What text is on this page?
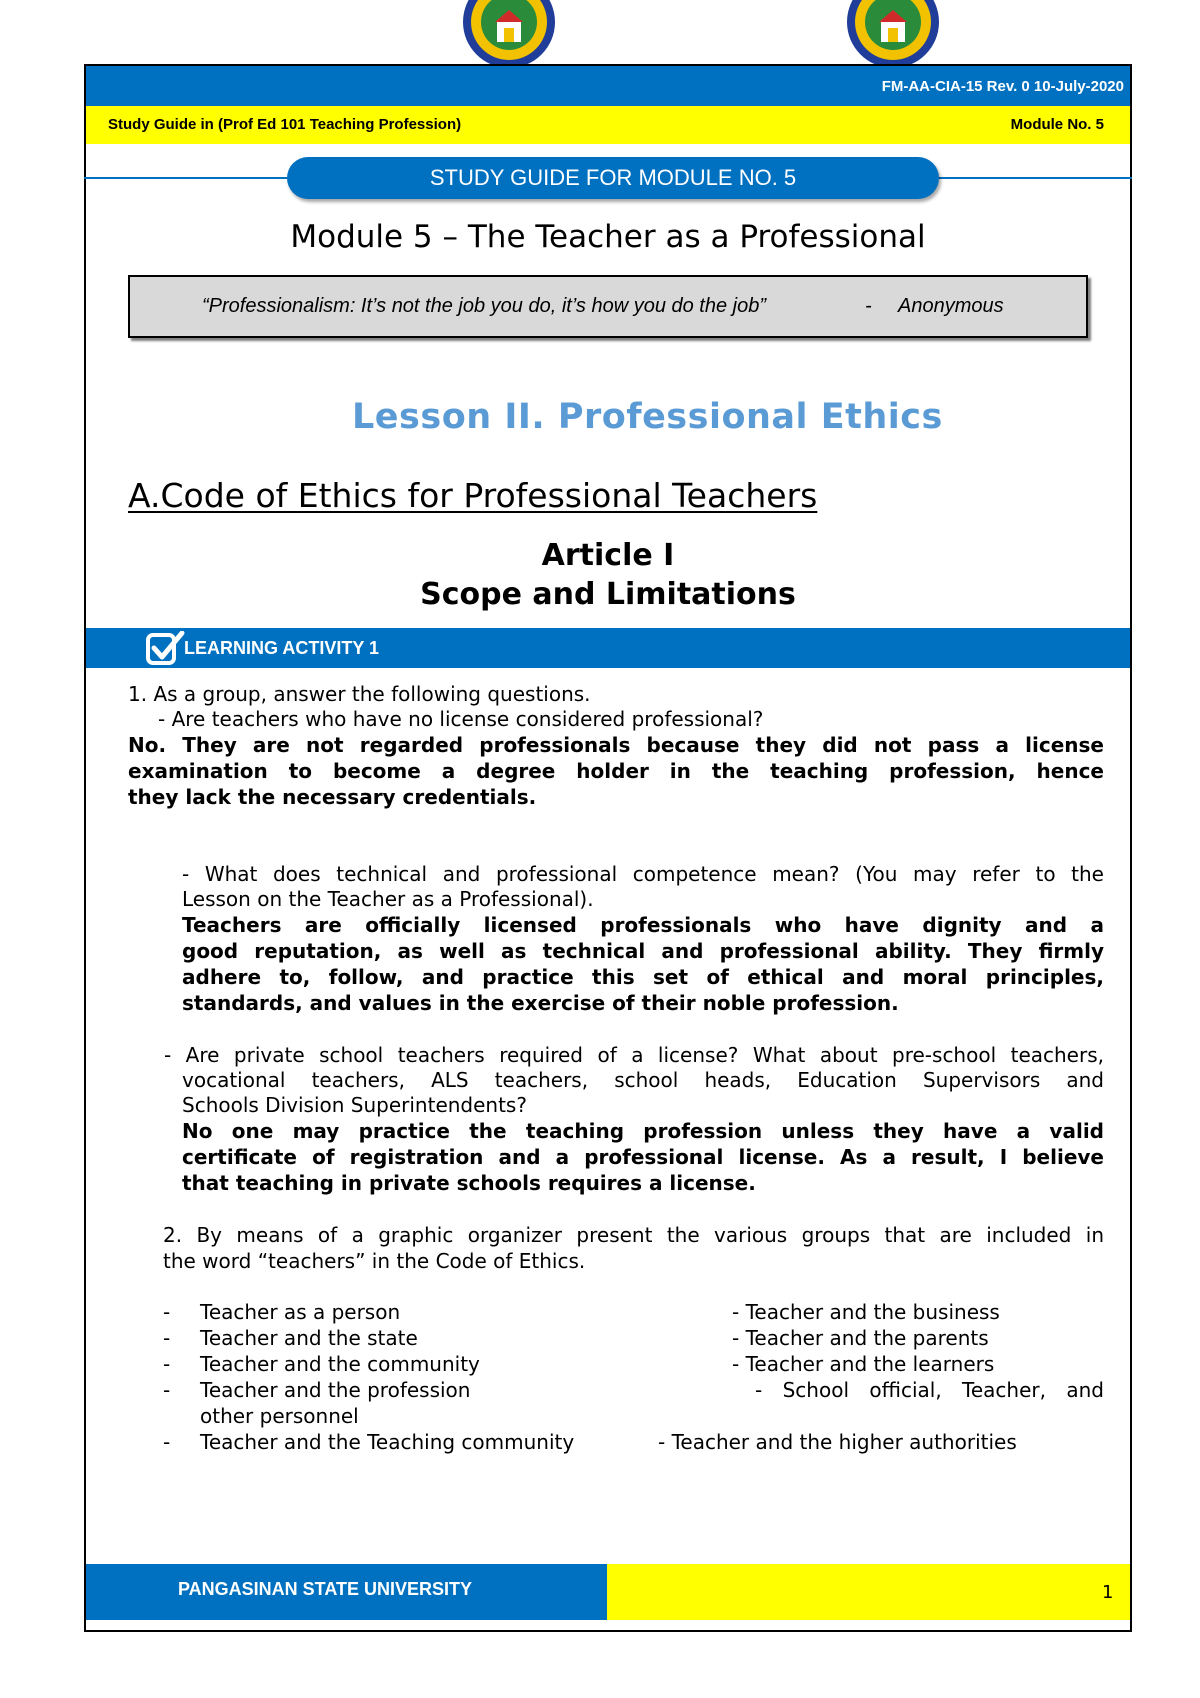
FM-AA-CIA-15 Rev. 0 10-July-2020
Study Guide in (Prof Ed 101 Teaching Profession)	Module No. 5
STUDY GUIDE FOR MODULE NO. 5
Module 5 – The Teacher as a Professional
“Professionalism: It’s not the job you do, it’s how you do the job”	- Anonymous
Lesson II. Professional Ethics
A.Code of Ethics for Professional Teachers
Article I
Scope and Limitations
LEARNING ACTIVITY 1
1. As a group, answer the following questions.
- Are teachers who have no license considered professional?
No. They are not regarded professionals because they did not pass a license
examination to become a degree holder in the teaching profession, hence
they lack the necessary credentials.
- What does technical and professional competence mean? (You may refer to the
Lesson on the Teacher as a Professional).
Teachers are officially licensed professionals who have dignity and a
good reputation, as well as technical and professional ability. They firmly
adhere to, follow, and practice this set of ethical and moral principles,
standards, and values in the exercise of their noble profession.
- Are private school teachers required of a license? What about pre-school teachers,
vocational teachers, ALS teachers, school heads, Education Supervisors and
Schools Division Superintendents?
No one may practice the teaching profession unless they have a valid
certificate of registration and a professional license. As a result, I believe
that teaching in private schools requires a license.
2. By means of a graphic organizer present the various groups that are included in
the word “teachers” in the Code of Ethics.
- Teacher as a person
- Teacher and the state
- Teacher and the community
- Teacher and the profession
other personnel
- Teacher and the Teaching community
- Teacher and the business
- Teacher and the parents
- Teacher and the learners
- School official, Teacher, and
- Teacher and the higher authorities
PANGASINAN STATE UNIVERSITY	1
